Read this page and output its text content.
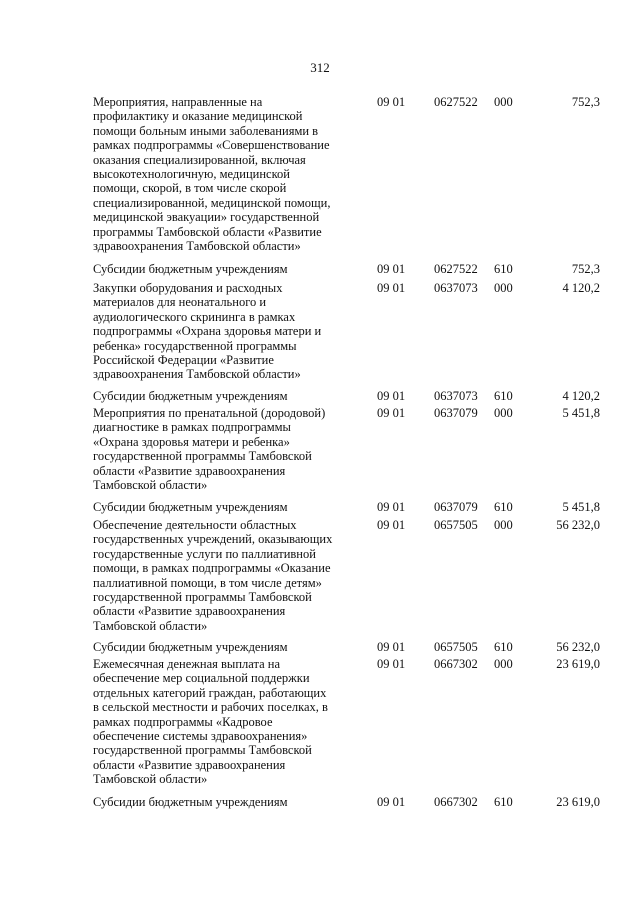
312
Мероприятия, направленные на
профилактику и оказание медицинской
помощи больным иными заболеваниями в
рамках подпрограммы «Совершенствование
оказания специализированной, включая
высокотехнологичную, медицинской
помощи, скорой, в том числе скорой
специализированной, медицинской помощи,
медицинской эвакуации» государственной
программы Тамбовской области «Развитие
здравоохранения Тамбовской области»
09 01 0627522 000	752,3
Субсидии бюджетным учреждениям	09 01 0627522 610	752,3
Закупки оборудования и расходных
материалов для неонатального и
аудиологического скрининга в рамках
подпрограммы «Охрана здоровья матери и
ребенка» государственной программы
Российской Федерации «Развитие
здравоохранения Тамбовской области»
09 01 0637073 000	4 120,2
Субсидии бюджетным учреждениям	09 01 0637073 610	4 120,2
Мероприятия по пренатальной (дородовой)
диагностике в рамках подпрограммы
«Охрана здоровья матери и ребенка»
государственной программы Тамбовской
области «Развитие здравоохранения
Тамбовской области»
09 01 0637079 000	5 451,8
Субсидии бюджетным учреждениям	09 01 0637079 610	5 451,8
Обеспечение деятельности областных
государственных учреждений, оказывающих
государственные услуги по паллиативной
помощи, в рамках подпрограммы «Оказание
паллиативной помощи, в том числе детям»
государственной программы Тамбовской
области «Развитие здравоохранения
Тамбовской области»
09 01 0657505 000	56 232,0
Субсидии бюджетным учреждениям	09 01 0657505 610	56 232,0
Ежемесячная денежная выплата на
обеспечение мер социальной поддержки
отдельных категорий граждан, работающих
в сельской местности и рабочих поселках, в
рамках подпрограммы «Кадровое
обеспечение системы здравоохранения»
государственной программы Тамбовской
области «Развитие здравоохранения
Тамбовской области»
09 01 0667302 000	23 619,0
Субсидии бюджетным учреждениям	09 01 0667302 610	23 619,0
